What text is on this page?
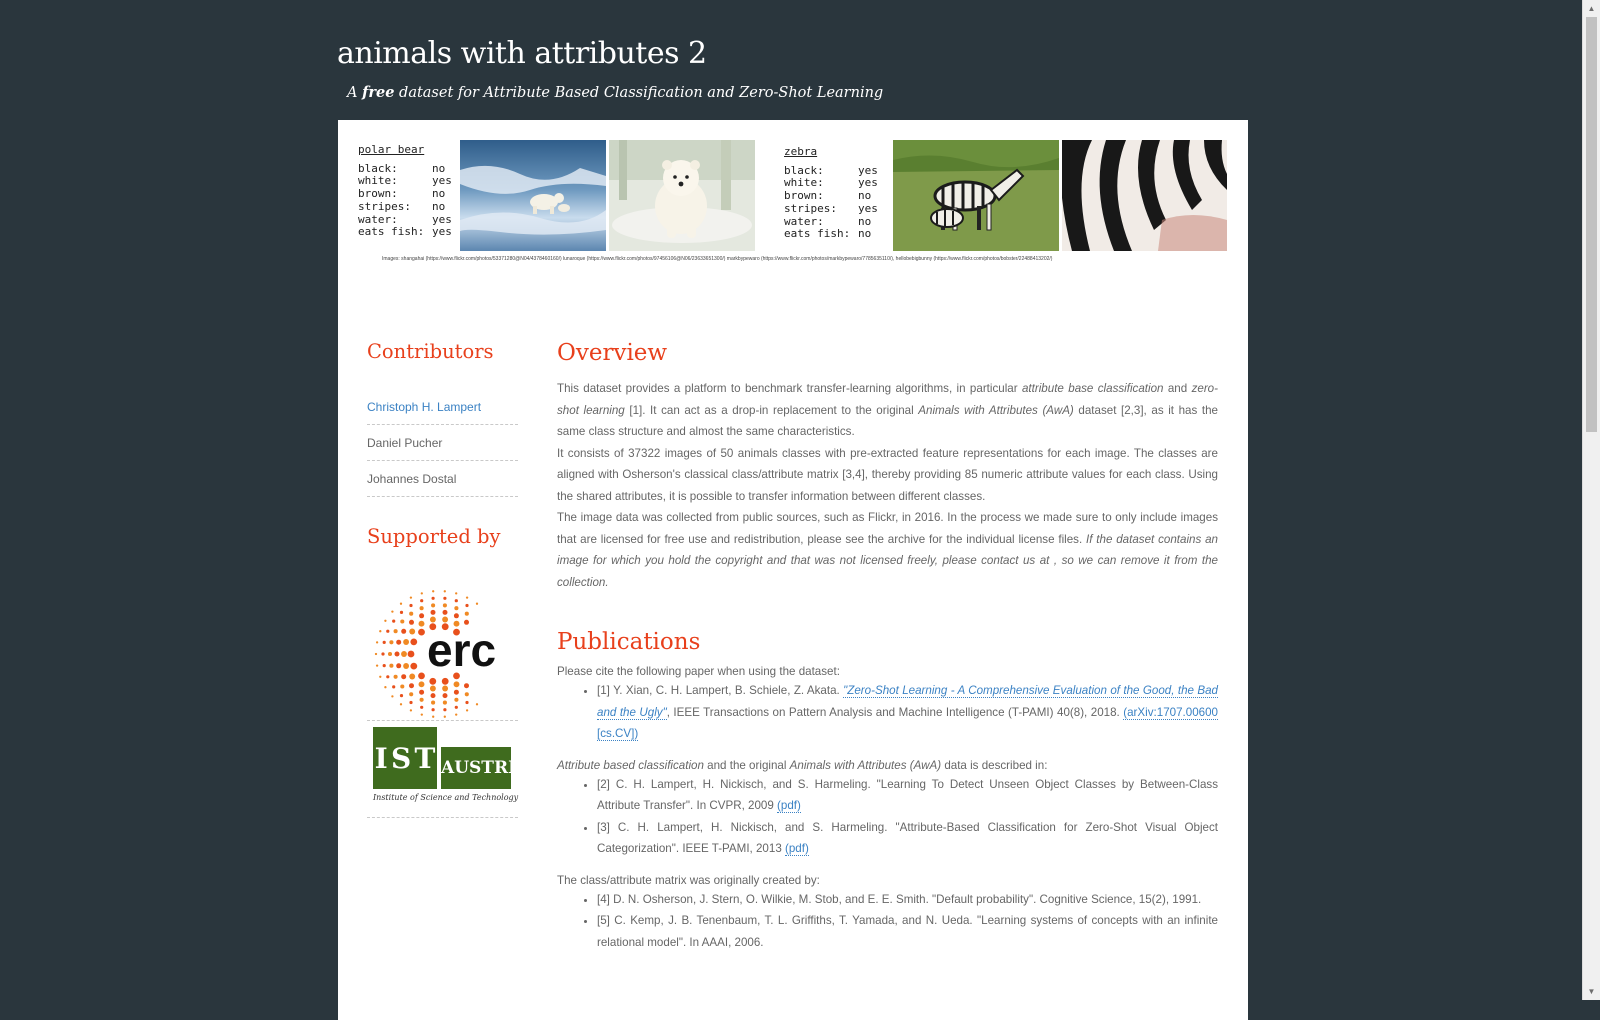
animals with attributes 2

A free dataset for Attribute Based Classification and Zero-Shot Learning

polar bear
black:	no
white:	yes
brown:	no
stripes:	no
water:	yes
eats fish: yes
zebra
black:	yes
white:	yes
brown:	no
stripes:	yes
water:	no
eats fish: no
Images: shangahai (https://www.flickr.com/photos/53371280@N04/4378460160/) lunaroque (https://www.flickr.com/photos/97456106@N06/23633651300/) markbypewaro (https://www.flickr.com/photos/markbypewaro/7785635110/), hellobebigbunny (https://www.flickr.com/photos/bobster/22488413202/)
Contributors
Christoph H. Lampert
Daniel Pucher
Johannes Dostal
Supported by
erc
I S T AUSTRIA
Institute of Science and Technology
Overview

This dataset provides a platform to benchmark transfer-learning algorithms, in particular attribute base classification and zero-shot learning [1]. It can act as a drop-in replacement to the original Animals with Attributes (AwA) dataset [2,3], as it has the same class structure and almost the same characteristics.

It consists of 37322 images of 50 animals classes with pre-extracted feature representations for each image. The classes are aligned with Osherson's classical class/attribute matrix [3,4], thereby providing 85 numeric attribute values for each class. Using the shared attributes, it is possible to transfer information between different classes.

The image data was collected from public sources, such as Flickr, in 2016. In the process we made sure to only include images that are licensed for free use and redistribution, please see the archive for the individual license files. If the dataset contains an image for which you hold the copyright and that was not licensed freely, please contact us at , so we can remove it from the collection.

Publications
Please cite the following paper when using the dataset:
• [1] Y. Xian, C. H. Lampert, B. Schiele, Z. Akata. "Zero-Shot Learning - A Comprehensive Evaluation of the Good, the Bad and the Ugly", IEEE Transactions on Pattern Analysis and Machine Intelligence (T-PAMI) 40(8), 2018. (arXiv:1707.00600 [cs.CV])
Attribute based classification and the original Animals with Attributes (AwA) data is described in:
• [2] C. H. Lampert, H. Nickisch, and S. Harmeling. "Learning To Detect Unseen Object Classes by Between-Class Attribute Transfer". In CVPR, 2009 (pdf)
• [3] C. H. Lampert, H. Nickisch, and S. Harmeling. "Attribute-Based Classification for Zero-Shot Visual Object Categorization". IEEE T-PAMI, 2013 (pdf)
The class/attribute matrix was originally created by:
• [4] D. N. Osherson, J. Stern, O. Wilkie, M. Stob, and E. E. Smith. "Default probability". Cognitive Science, 15(2), 1991.
• [5] C. Kemp, J. B. Tenenbaum, T. L. Griffiths, T. Yamada, and N. Ueda. "Learning systems of concepts with an infinite relational model". In AAAI, 2006.
▲
▼
